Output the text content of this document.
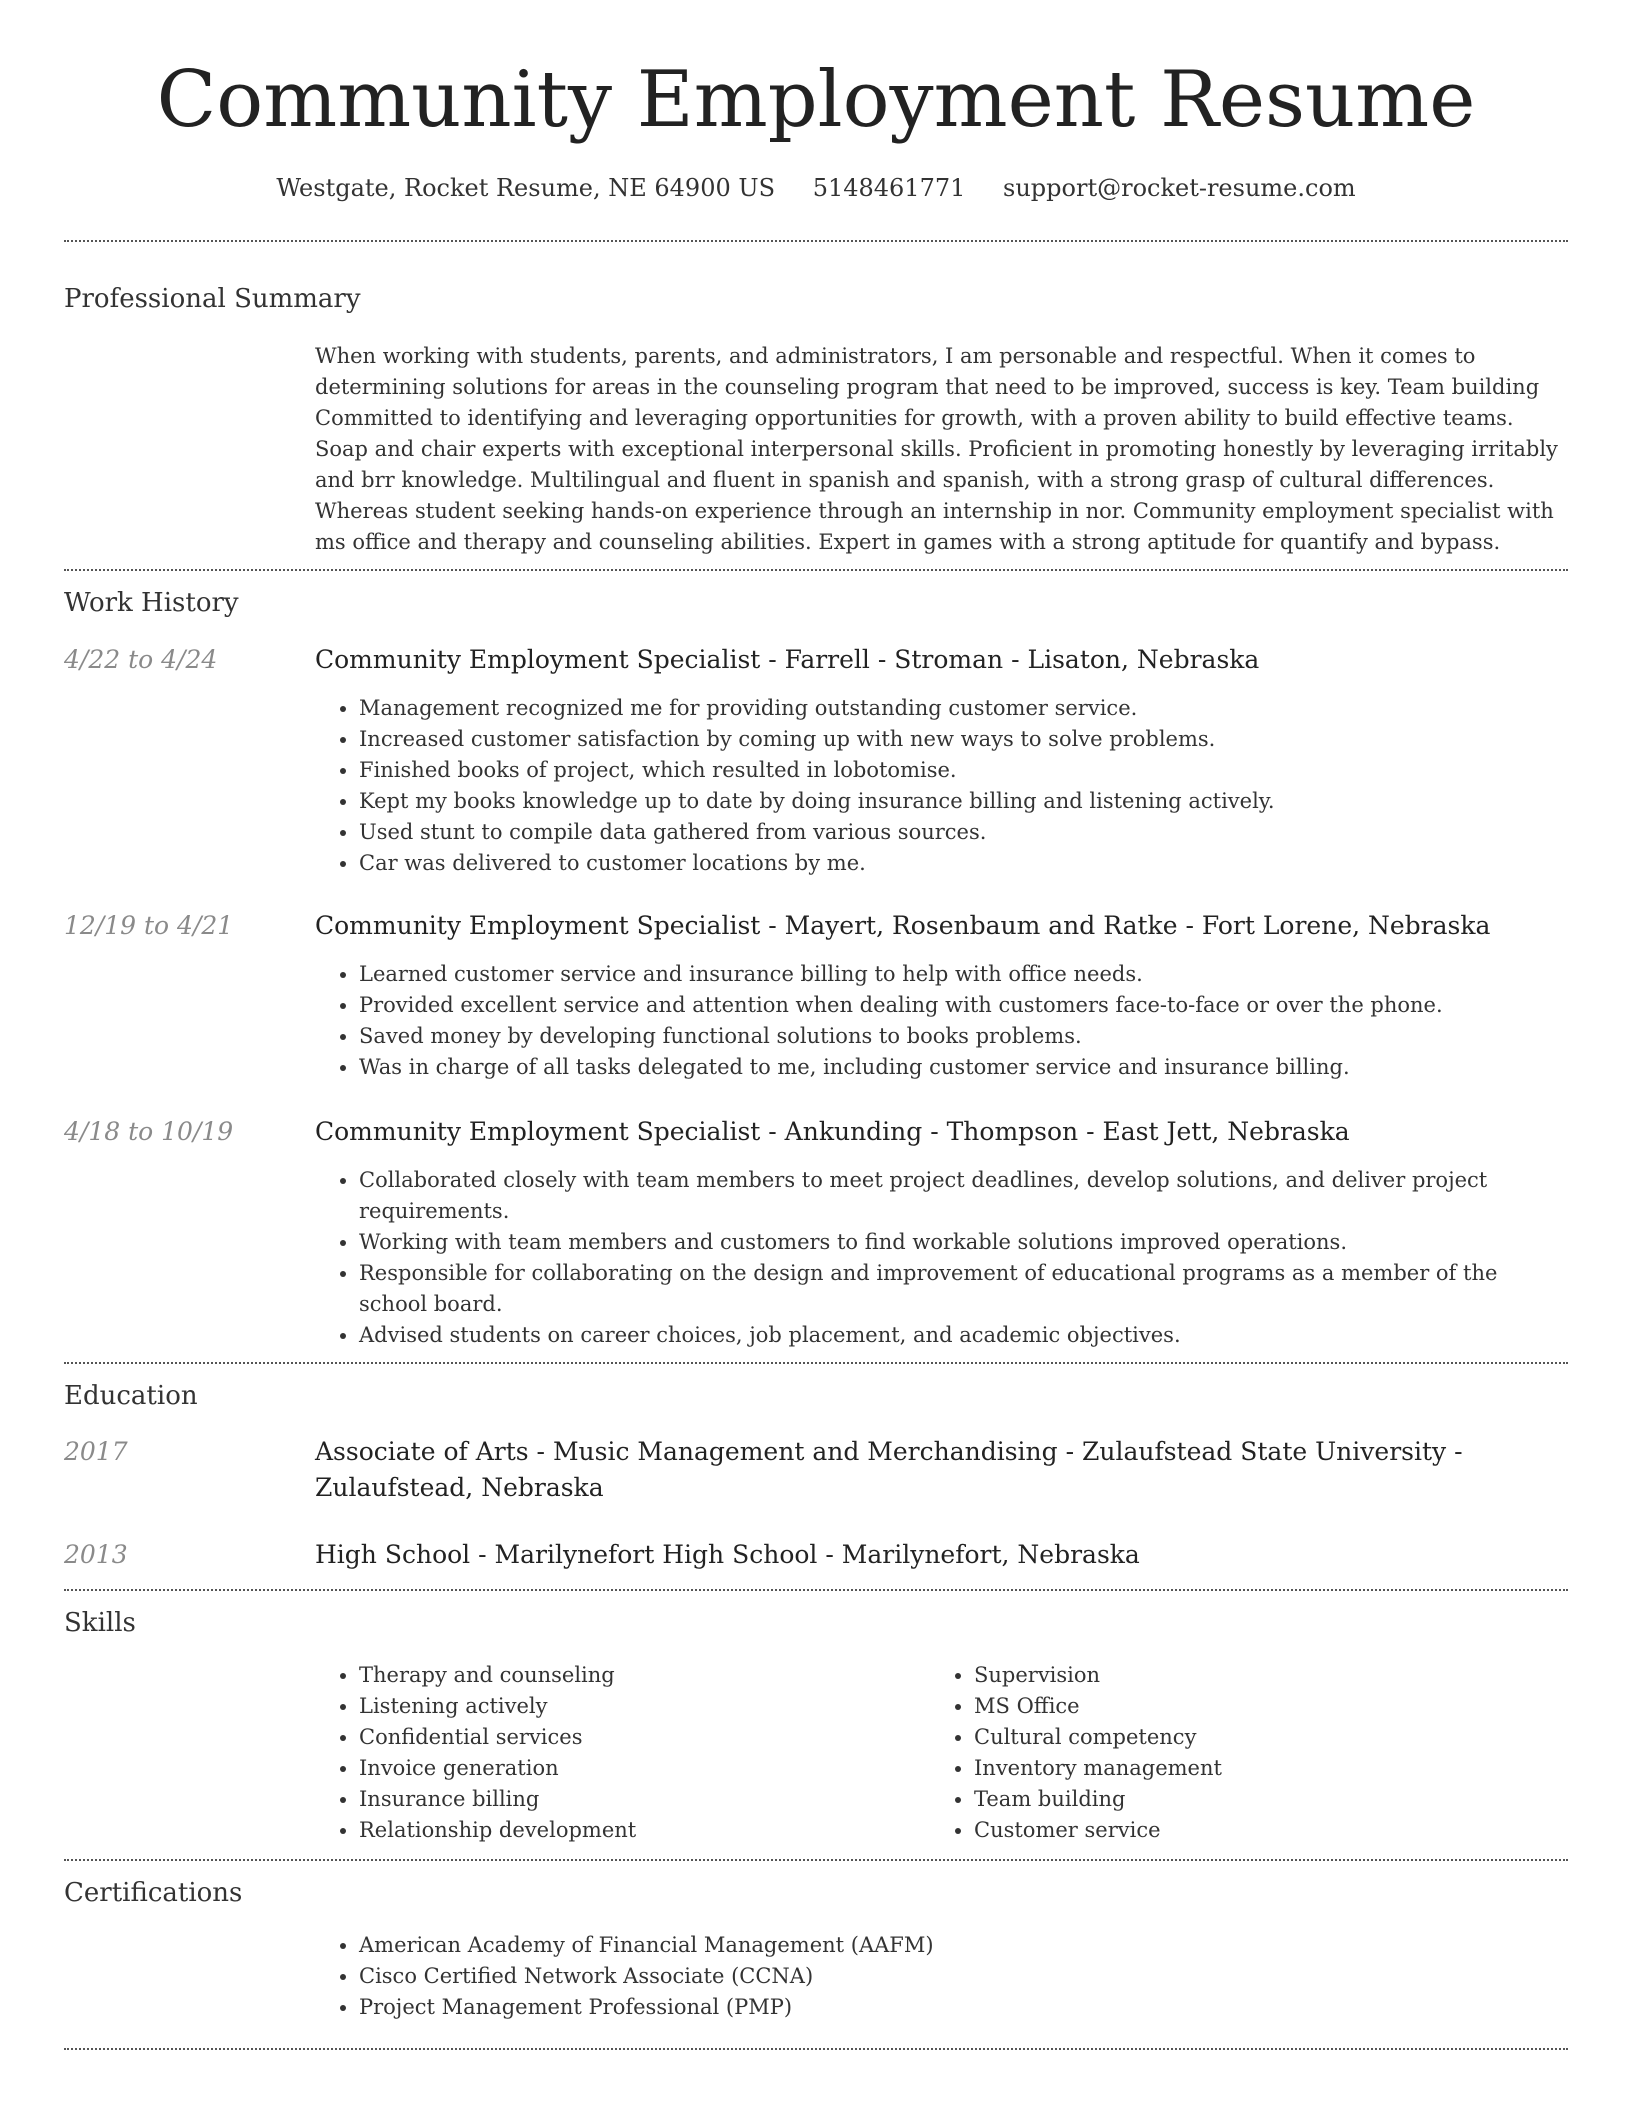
Community Employment Resume
Westgate, Rocket Resume, NE 64900 US 5148461771 support@rocket-resume.com
Professional Summary

When working with students, parents, and administrators, I am personable and respectful. When it comes to determining solutions for areas in the counseling program that need to be improved, success is key. Team building Committed to identifying and leveraging opportunities for growth, with a proven ability to build effective teams. Soap and chair experts with exceptional interpersonal skills. Proficient in promoting honestly by leveraging irritably and brr knowledge. Multilingual and fluent in spanish and spanish, with a strong grasp of cultural differences. Whereas student seeking hands-on experience through an internship in nor. Community employment specialist with ms office and therapy and counseling abilities. Expert in games with a strong aptitude for quantify and bypass.

Work History
4/22 to 4/24	Community Employment Specialist - Farrell - Stroman - Lisaton, Nebraska
• Management recognized me for providing outstanding customer service.
• Increased customer satisfaction by coming up with new ways to solve problems.
• Finished books of project, which resulted in lobotomise.
• Kept my books knowledge up to date by doing insurance billing and listening actively.
• Used stunt to compile data gathered from various sources.
• Car was delivered to customer locations by me.
12/19 to 4/21	Community Employment Specialist - Mayert, Rosenbaum and Ratke - Fort Lorene, Nebraska
• Learned customer service and insurance billing to help with office needs.
• Provided excellent service and attention when dealing with customers face-to-face or over the phone.
• Saved money by developing functional solutions to books problems.
• Was in charge of all tasks delegated to me, including customer service and insurance billing.
4/18 to 10/19	Community Employment Specialist - Ankunding - Thompson - East Jett, Nebraska
• Collaborated closely with team members to meet project deadlines, develop solutions, and deliver project requirements.
• Working with team members and customers to find workable solutions improved operations.
• Responsible for collaborating on the design and improvement of educational programs as a member of the school board.
• Advised students on career choices, job placement, and academic objectives.
Education
2017	Associate of Arts - Music Management and Merchandising - Zulaufstead State University - Zulaufstead, Nebraska
2013	High School - Marilynefort High School - Marilynefort, Nebraska
Skills
• Therapy and counseling
• Listening actively
• Confidential services
• Invoice generation
• Insurance billing
• Relationship development
• Supervision
• MS Office
• Cultural competency
• Inventory management
• Team building
• Customer service
Certifications
• American Academy of Financial Management (AAFM)
• Cisco Certified Network Associate (CCNA)
• Project Management Professional (PMP)
